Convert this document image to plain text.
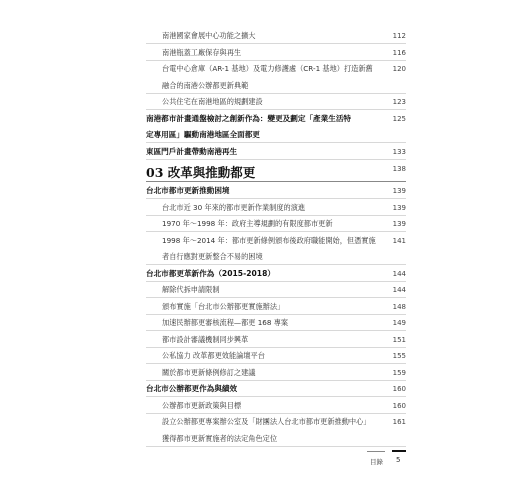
南港國家會展中心功能之擴大	112
南港瓶蓋工廠保存與再生	116
台電中心倉庫（AR-1 基地）及電力修護處（CR-1 基地）打造新舊	120
融合的南港公辦都更新典範
公共住宅在南港地區的規劃建設	123
南港都市計畫通盤檢討之創新作為：變更及劃定「產業生活特	125
定專用區」驅動南港地區全面都更
東區門戶計畫帶動南港再生	133
03 改革與推動都更	138
台北市都市更新推動困境	139
台北市近 30 年來的都市更新作業制度的演進	139
1970 年～1998 年：政府主導規劃的有限度都市更新	139
1998 年～2014 年：都市更新條例頒布後政府職能開始，但憑實施 141
者自行應對更新整合不易的困境
台北市都更革新作為（2015-2018）	144
解除代拆申請限制	144
頒布實施「台北市公辦都更實施辦法」	148
加速民辦都更審核流程—都更 168 專案	149
都市設計審議機制同步興革	151
公私協力 改革都更效能論壇平台	155
關於都市更新條例修訂之建議	159
台北市公辦都更作為與績效	160
公辦都市更新政策與目標	160
設立公辦都更專案辦公室及「財團法人台北市都市更新推動中心」	161
獲得都市更新實施者的法定角色定位
目錄 5
